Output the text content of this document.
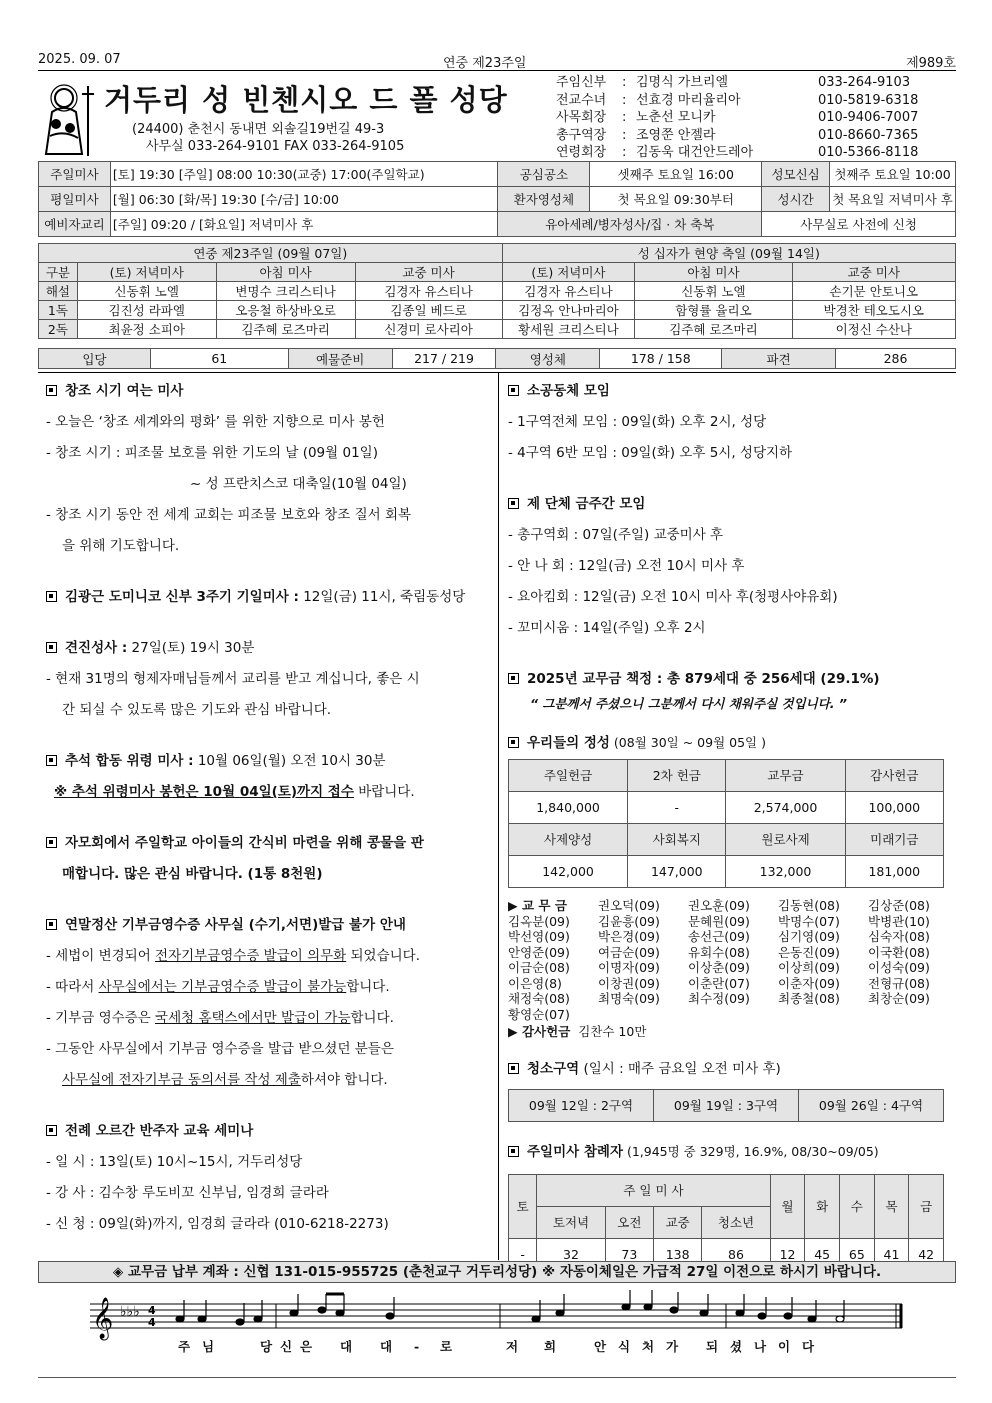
2025. 09. 07	연중 제23주일	제989호
거두리 성 빈첸시오 드 폴 성당
(24400) 춘천시 동내면 외솔길19번길 49-3
사무실 033-264-9101 FAX 033-264-9105
주임신부	: 김명식 가브리엘	033-264-9103
전교수녀	: 선효경 마리율리아	010-5819-6318
사목회장	: 노춘선 모니카	010-9406-7007
총구역장	: 조영쭌 안젤라	010-8660-7365
연령회장	: 김동욱 대건안드레아	010-5366-8118
주일미사	[토] 19:30 [주일] 08:00 10:30(교중) 17:00(주일학교)	공심공소	셋째주 토요일 16:00	성모신심	첫째주 토요일 10:00
평일미사	[월] 06:30 [화/목] 19:30 [수/금] 10:00	환자영성체	첫 목요일 09:30부터	성시간	첫 목요일 저녁미사 후
예비자교리	[주일] 09:20 / [화요일] 저녁미사 후	유아세례/병자성사/집 · 차 축복		사무실로 사전에 신청	
연중 제23주일 (09월 07일)				성 십자가 현양 축일 (09월 14일)		
구분	(토) 저녁미사	아침 미사	교중 미사	(토) 저녁미사	아침 미사	교중 미사
해설	신동휘 노엘	변명수 크리스티나	김경자 유스티나	김경자 유스티나	신동휘 노엘	손기문 안토니오
1독	김진성 라파엘	오응철 하상바오로	김종일 베드로	김정옥 안나마리아	함형률 율리오	박경찬 테오도시오
2독	최윤정 소피아	김주혜 로즈마리	신경미 로사리아	황세원 크리스티나	김주혜 로즈마리	이정신 수산나
입당	61	예물준비	217 / 219	영성체	178 / 158	파견	286
창조 시기 여는 미사
- 오늘은 ‘창조 세계와의 평화’ 를 위한 지향으로 미사 봉헌
- 창조 시기 : 피조물 보호를 위한 기도의 날 (09월 01일)
~ 성 프란치스코 대축일(10월 04일)
- 창조 시기 동안 전 세계 교회는 피조물 보호와 창조 질서 회복
을 위해 기도합니다.
김광근 도미니코 신부 3주기 기일미사 : 12일(금) 11시, 죽림동성당
견진성사 : 27일(토) 19시 30분
- 현재 31명의 형제자매님들께서 교리를 받고 계십니다, 좋은 시
간 되실 수 있도록 많은 기도와 관심 바랍니다.
추석 합동 위령 미사 : 10월 06일(월) 오전 10시 30분
※ 추석 위령미사 봉헌은 10월 04일(토)까지 접수 바랍니다.
자모회에서 주일학교 아이들의 간식비 마련을 위해 콩물을 판
매합니다. 많은 관심 바랍니다. (1통 8천원)
연말정산 기부금영수증 사무실 (수기,서면)발급 불가 안내
- 세법이 변경되어 전자기부금영수증 발급이 의무화 되었습니다.
- 따라서 사무실에서는 기부금영수증 발급이 불가능합니다.
- 기부금 영수증은 국세청 홈택스에서만 발급이 가능합니다.
- 그동안 사무실에서 기부금 영수증을 발급 받으셨던 분들은
사무실에 전자기부금 동의서를 작성 제출하셔야 합니다.
전례 오르간 반주자 교육 세미나
- 일 시 : 13일(토) 10시~15시, 거두리성당
- 강 사 : 김수창 루도비꼬 신부님, 임경희 글라라
- 신 청 : 09일(화)까지, 임경희 글라라 (010-6218-2273)
소공동체 모임
- 1구역전체 모임 : 09일(화) 오후 2시, 성당
- 4구역 6반 모임 : 09일(화) 오후 5시, 성당지하
제 단체 금주간 모임
- 총구역회 : 07일(주일) 교중미사 후
- 안 나 회 : 12일(금) 오전 10시 미사 후
- 요아킴회 : 12일(금) 오전 10시 미사 후(청평사야유회)
- 꼬미시움 : 14일(주일) 오후 2시
2025년 교무금 책정 : 총 879세대 중 256세대 (29.1%)
“ 그분께서 주셨으니 그분께서 다시 채워주실 것입니다. ”
우리들의 정성 (08월 30일 ~ 09월 05일 )
주일헌금	2차 헌금	교무금	감사헌금
1,840,000	-	2,574,000	100,000
사제양성	사회복지	원로사제	미래기금
142,000	147,000	132,000	181,000
▶ 교 무 금	권오덕(09)	권오훈(09)	김동현(08)	김상준(08)
김옥분(09)	김윤흥(09)	문혜원(09)	박명수(07)	박병관(10)
박선영(09)	박은경(09)	송선근(09)	심기영(09)	심숙자(08)
안영준(09)	여금순(09)	유회수(08)	은동진(09)	이국환(08)
이금순(08)	이명자(09)	이상춘(09)	이상희(09)	이성숙(09)
이은영(8)	이창권(09)	이춘란(07)	이춘자(09)	전형규(08)
채정숙(08)	최명숙(09)	최수정(09)	최종철(08)	최창순(09)
황영순(07)
▶ 감사헌금 김찬수 10만
청소구역 (일시 : 매주 금요일 오전 미사 후)
09월 12일 : 2구역	09월 19일 : 3구역	09월 26일 : 4구역
주일미사 참례자 (1,945명 중 329명, 16.9%, 08/30~09/05)
토	주 일 미 사				월	화	수	목	금
	토저녁	오전	교중	청소년					
-	32	73	138	86	12	45	65	41	42
◈ 교무금 납부 계좌 : 신협 131-015-955725 (춘천교구 거두리성당) ※ 자동이체일은 가급적 27일 이전으로 하시기 바랍니다.
𝄞 ♭♭♭ 4
4
주 님	당 신 은 대 대 - 로	저 희	안 식 처 가 되 셨 나 이 다
